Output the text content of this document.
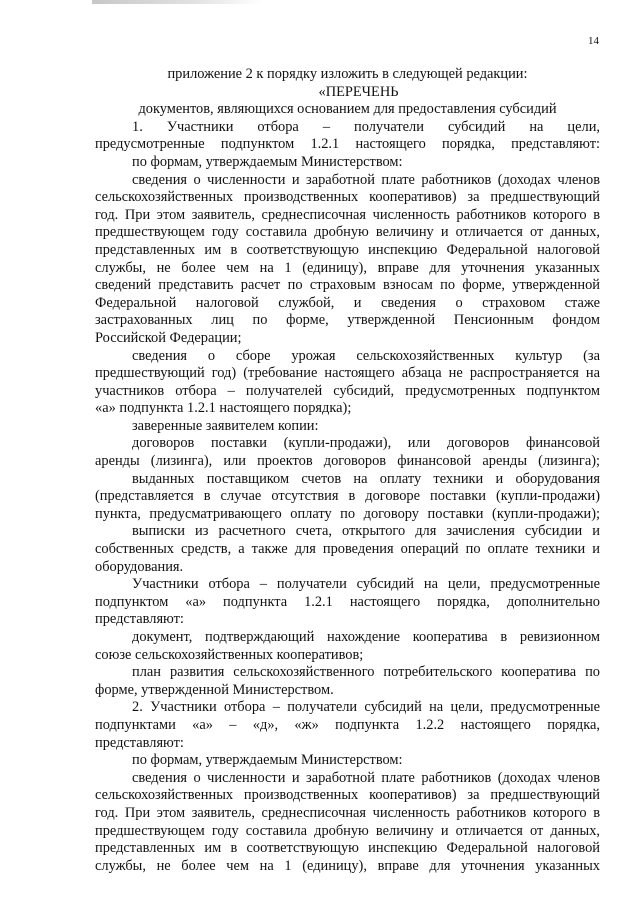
14

приложение 2 к порядку изложить в следующей редакции:

«ПЕРЕЧЕНЬ

документов, являющихся основанием для предоставления субсидий

1. Участники отбора – получатели субсидий на цели,

предусмотренные подпунктом 1.2.1 настоящего порядка, представляют:

по формам, утверждаемым Министерством:

сведения о численности и заработной плате работников (доходах членов

сельскохозяйственных производственных кооперативов) за предшествующий

год. При этом заявитель, среднесписочная численность работников которого в

предшествующем году составила дробную величину и отличается от данных,

представленных им в соответствующую инспекцию Федеральной налоговой

службы, не более чем на 1 (единицу), вправе для уточнения указанных

сведений представить расчет по страховым взносам по форме, утвержденной

Федеральной налоговой службой, и сведения о страховом стаже

застрахованных лиц по форме, утвержденной Пенсионным фондом

Российской Федерации;

сведения о сборе урожая сельскохозяйственных культур (за

предшествующий год) (требование настоящего абзаца не распространяется на

участников отбора – получателей субсидий, предусмотренных подпунктом

«а» подпункта 1.2.1 настоящего порядка);

заверенные заявителем копии:

договоров поставки (купли-продажи), или договоров финансовой

аренды (лизинга), или проектов договоров финансовой аренды (лизинга);

выданных поставщиком счетов на оплату техники и оборудования

(представляется в случае отсутствия в договоре поставки (купли-продажи)

пункта, предусматривающего оплату по договору поставки (купли-продажи);

выписки из расчетного счета, открытого для зачисления субсидии и

собственных средств, а также для проведения операций по оплате техники и

оборудования.

Участники отбора – получатели субсидий на цели, предусмотренные

подпунктом «а» подпункта 1.2.1 настоящего порядка, дополнительно

представляют:

документ, подтверждающий нахождение кооператива в ревизионном

союзе сельскохозяйственных кооперативов;

план развития сельскохозяйственного потребительского кооператива по

форме, утвержденной Министерством.

2. Участники отбора – получатели субсидий на цели, предусмотренные

подпунктами «а» – «д», «ж» подпункта 1.2.2 настоящего порядка,

представляют:

по формам, утверждаемым Министерством:

сведения о численности и заработной плате работников (доходах членов

сельскохозяйственных производственных кооперативов) за предшествующий

год. При этом заявитель, среднесписочная численность работников которого в

предшествующем году составила дробную величину и отличается от данных,

представленных им в соответствующую инспекцию Федеральной налоговой

службы, не более чем на 1 (единицу), вправе для уточнения указанных
